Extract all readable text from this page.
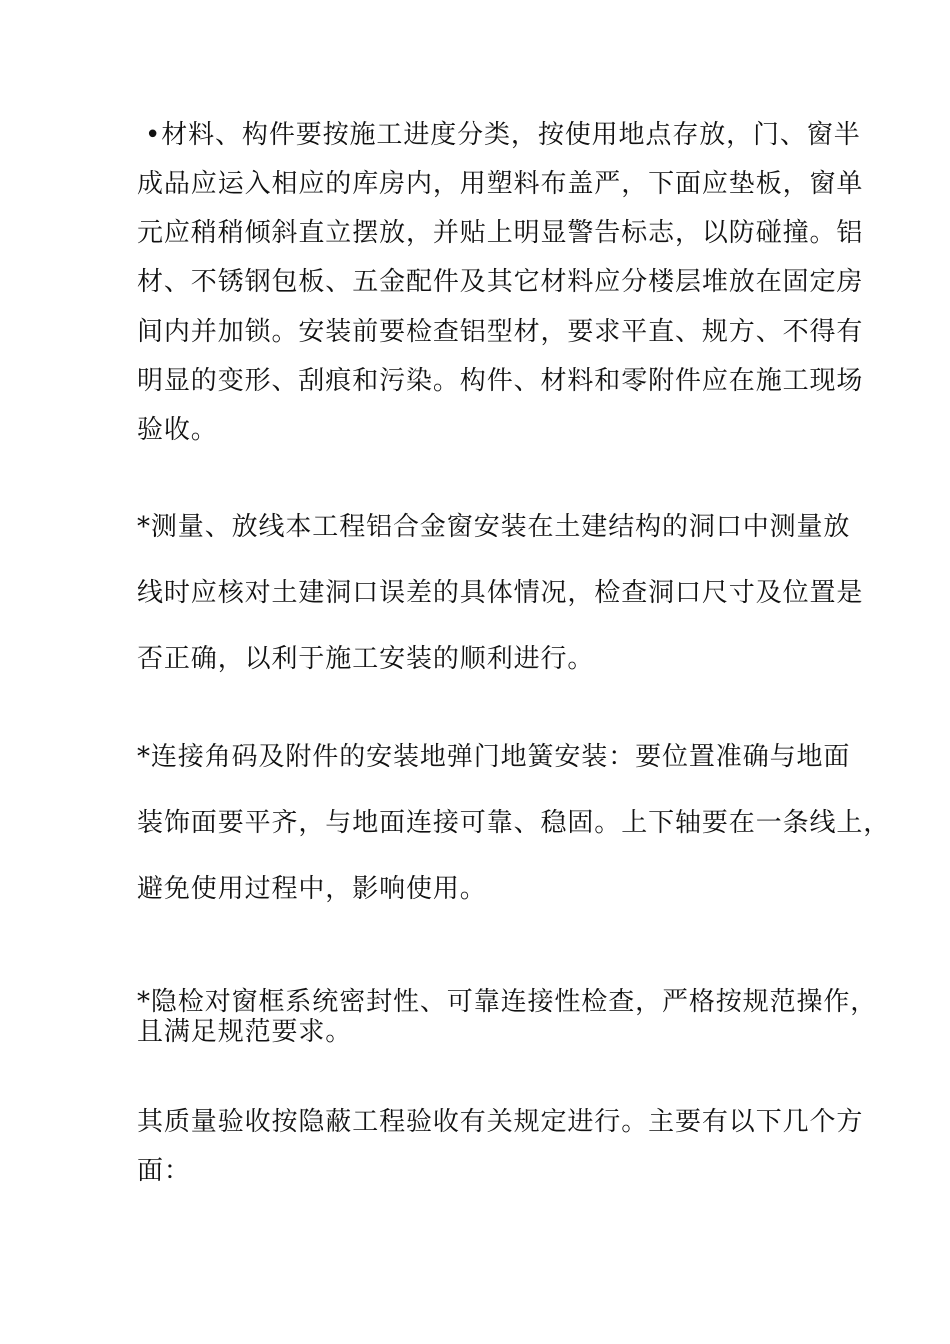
•材料、构件要按施工进度分类，按使用地点存放，门、窗半
成品应运入相应的库房内，用塑料布盖严，下面应垫板，窗单
元应稍稍倾斜直立摆放，并贴上明显警告标志，以防碰撞。铝
材、不锈钢包板、五金配件及其它材料应分楼层堆放在固定房
间内并加锁。安装前要检查铝型材，要求平直、规方、不得有
明显的变形、刮痕和污染。构件、材料和零附件应在施工现场
验收。
*测量、放线本工程铝合金窗安装在土建结构的洞口中测量放
线时应核对土建洞口误差的具体情况，检查洞口尺寸及位置是
否正确，以利于施工安装的顺利进行。
*连接角码及附件的安装地弹门地簧安装：要位置准确与地面
装饰面要平齐，与地面连接可靠、稳固。上下轴要在一条线上，
避免使用过程中，影响使用。
*隐检对窗框系统密封性、可靠连接性检查，严格按规范操作，
且满足规范要求。
其质量验收按隐蔽工程验收有关规定进行。主要有以下几个方
面：
